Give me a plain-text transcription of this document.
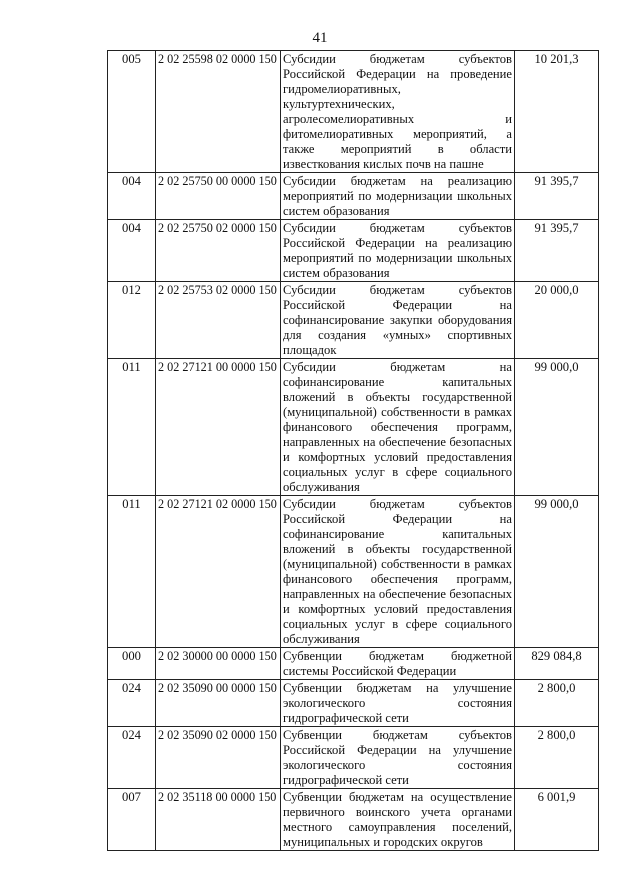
41
005	2 02 25598 02 0000 150	Субсидии бюджетам субъектов Российской Федерации на проведение гидромелиоративных, культуртехнических, агролесомелиоративных и фитомелиоративных мероприятий, а также мероприятий в области известкования кислых почв на пашне	10 201,3
004	2 02 25750 00 0000 150	Субсидии бюджетам на реализацию мероприятий по модернизации школьных систем образования	91 395,7
004	2 02 25750 02 0000 150	Субсидии бюджетам субъектов Российской Федерации на реализацию мероприятий по модернизации школьных систем образования	91 395,7
012	2 02 25753 02 0000 150	Субсидии бюджетам субъектов Российской Федерации на софинансирование закупки оборудования для создания «умных» спортивных площадок	20 000,0
011	2 02 27121 00 0000 150	Субсидии бюджетам на софинансирование капитальных вложений в объекты государственной (муниципальной) собственности в рамках финансового обеспечения программ, направленных на обеспечение безопасных и комфортных условий предоставления социальных услуг в сфере социального обслуживания	99 000,0
011	2 02 27121 02 0000 150	Субсидии бюджетам субъектов Российской Федерации на софинансирование капитальных вложений в объекты государственной (муниципальной) собственности в рамках финансового обеспечения программ, направленных на обеспечение безопасных и комфортных условий предоставления социальных услуг в сфере социального обслуживания	99 000,0
000	2 02 30000 00 0000 150	Субвенции бюджетам бюджетной системы Российской Федерации	829 084,8
024	2 02 35090 00 0000 150	Субвенции бюджетам на улучшение экологического состояния гидрографической сети	2 800,0
024	2 02 35090 02 0000 150	Субвенции бюджетам субъектов Российской Федерации на улучшение экологического состояния гидрографической сети	2 800,0
007	2 02 35118 00 0000 150	Субвенции бюджетам на осуществление первичного воинского учета органами местного самоуправления поселений, муниципальных и городских округов	6 001,9
